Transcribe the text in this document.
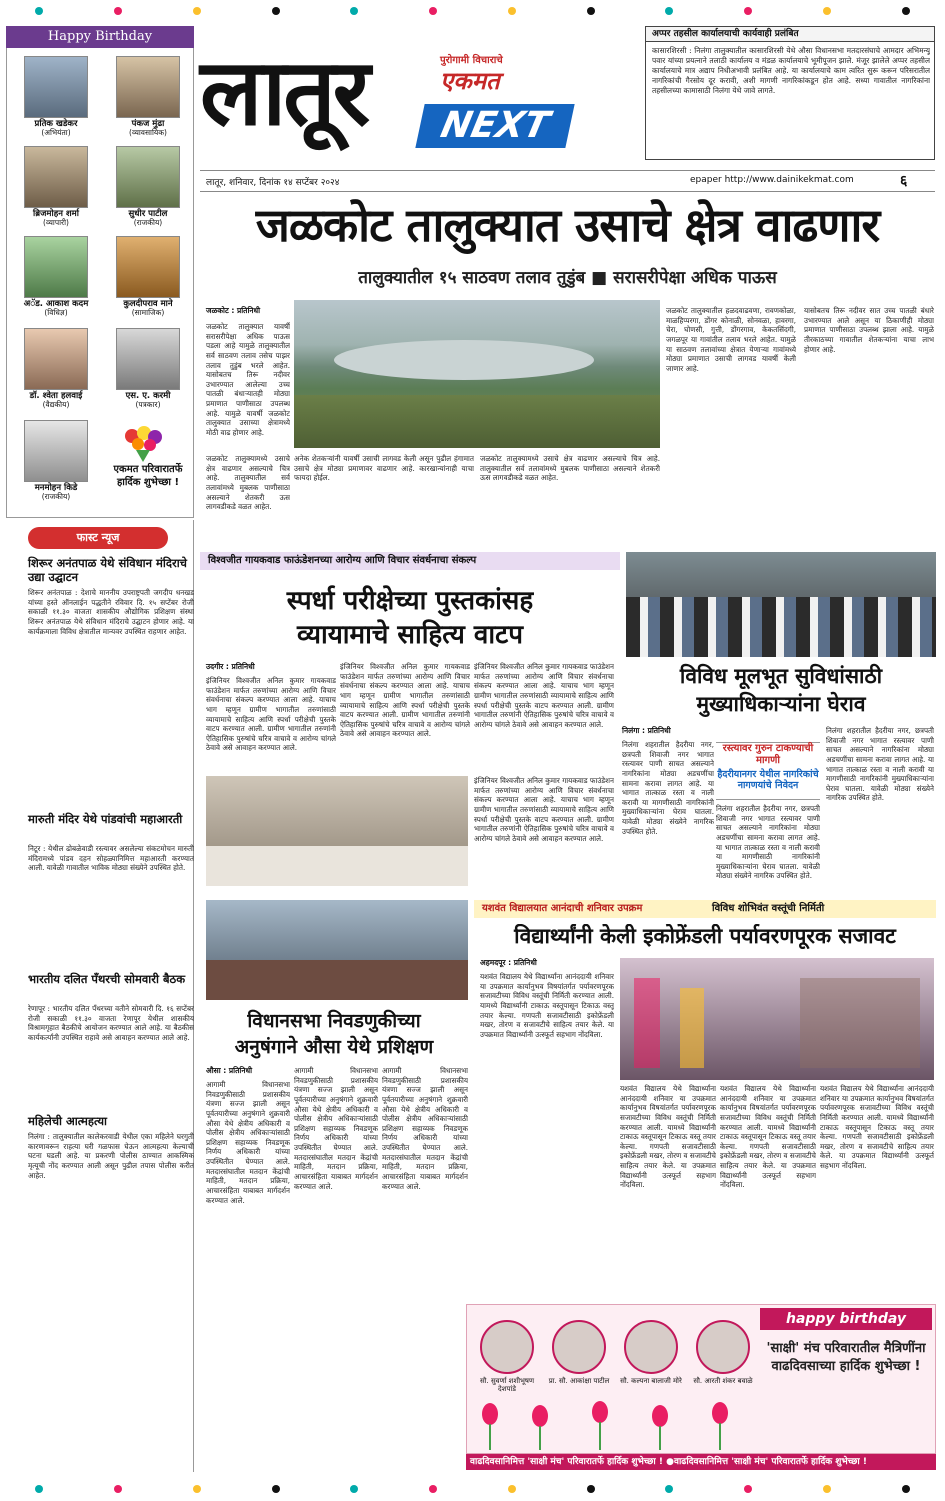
Happy Birthday
प्रतिक खडेकर
(अभियंता)
पंकज मुंढा
(व्यावसायिक)
ब्रिजमोहन शर्मा
(व्यापारी)
सुधीर पाटील
(राजकीय)
अॅड. आकाश कदम
(विधिज्ञ)
कुलदीपराव माने
(सामाजिक)
डॉ. श्वेता हलवाई
(वैद्यकीय)
एस. ए. करमी
(पत्रकार)
मनमोहन किडे
(राजकीय)
एकमत परिवारातर्फे हार्दिक शुभेच्छा !
लातूर	पुरोगामी विचाराचे
एकमत
NEXT
अप्पर तहसील कार्यालयाची कार्यवाही प्रलंबित
कासारशिरसी : निलंगा तालुक्यातील कासारशिरसी येथे औसा विधानसभा मतदारसंघाचे आमदार अभिमन्यू पवार यांच्या प्रयत्नाने तलाठी कार्यालय व मंडळ कार्यालयाचे भूमीपूजन झाले. मंजूर झालेले अप्पर तहसील कार्यालयाचे मात्र अद्याप निधीअभावी प्रलंबित आहे. या कार्यालयाचे काम त्वरित सुरू करून परिसरातील नागरिकांची गैरसोय दूर करावी, अशी मागणी नागरिकांकडून होत आहे. सध्या गावातील नागरिकांना तहसीलच्या कामासाठी निलंगा येथे जावे लागते.
लातूर, शनिवार, दिनांक १४ सप्टेंबर २०२४	epaper http://www.dainikekmat.com	६
जळकोट तालुक्यात उसाचे क्षेत्र वाढणार
तालुक्यातील १५ साठवण तलाव तुडुंब ■ सरासरीपेक्षा अधिक पाऊस
जळकोट : प्रतिनिधी
जळकोट तालुक्यात यावर्षी सरासरीपेक्षा अधिक पाऊस पडला आहे यामुळे तालुक्यातील सर्व साठवण तलाव तसेच पाझर तलाव तुडुंब भरले आहेत. यासोबतच तिरू नदीवर उभारण्यात आलेल्या उच्च पातळी बंधाऱ्यातही मोठ्या प्रमाणात पाणीसाठा उपलब्ध आहे. यामुळे यावर्षी जळकोट तालुक्यात उसाच्या क्षेत्रामध्ये मोठी वाढ होणार आहे.
जळकोट तालुक्यामध्ये उसाचे क्षेत्र वाढणार असल्याचे चित्र आहे. तालुक्यातील सर्व तलावांमध्ये मुबलक पाणीसाठा असल्याने शेतकरी ऊस लागवडीकडे वळत आहेत.
अनेक शेतकऱ्यांनी यावर्षी उसाची लागवड केली असून पुढील हंगामात उसाचे क्षेत्र मोठ्या प्रमाणावर वाढणार आहे. कारखान्यांनाही याचा फायदा होईल.
जळकोट तालुक्यामध्ये उसाचे क्षेत्र वाढणार असल्याचे चित्र आहे. तालुक्यातील सर्व तलावांमध्ये मुबलक पाणीसाठा असल्याने शेतकरी ऊस लागवडीकडे वळत आहेत.
जळकोट तालुक्यातील हळदवाढवणा, रावणकोळा, माळहिप्परगा, डोंगर कोनाळी, सोनवळा, हावरगा, चेरा, घोणसी, गुत्ती, डोंगरगाव, केकतसिंदगी, जगळपूर या गावांतील तलाव भरले आहेत. यामुळे या साठवण तलावांच्या क्षेत्रात येणाऱ्या गावांमध्ये मोठ्या प्रमाणात उसाची लागवड यावर्षी केली जाणार आहे.
यासोबतच तिरू नदीवर सात उच्च पातळी बंधारे उभारण्यात आले असून या ठिकाणीही मोठ्या प्रमाणात पाणीसाठा उपलब्ध झाला आहे. यामुळे तीरकाठच्या गावातील शेतकऱ्यांना याचा लाभ होणार आहे.
फास्ट न्यूज
शिरूर अनंतपाळ येथे संविधान मंदिराचे उद्या उद्घाटन
शिरूर अनंतपाळ : देशाचे माननीय उपराष्ट्रपती जगदीप धनखड यांच्या हस्ते ऑनलाईन पद्धतीने रविवार दि. १५ सप्टेंबर रोजी सकाळी ११.३० वाजता शासकीय औद्योगिक प्रशिक्षण संस्था शिरूर अनंतपाळ येथे संविधान मंदिराचे उद्घाटन होणार आहे. या कार्यक्रमाला विविध क्षेत्रातील मान्यवर उपस्थित राहणार आहेत.
मारुती मंदिर येथे पांडवांची महाआरती
निटूर : येथील ढोबळेवाडी रस्त्यावर असलेल्या संकटमोचन मारुती मंदिरामध्ये पांडव दहन सोहळ्यानिमित्त महाआरती करण्यात आली. यावेळी गावातील भाविक मोठ्या संख्येने उपस्थित होते.
भारतीय दलित पँथरची सोमवारी बैठक
रेणापूर : भारतीय दलित पँथरच्या वतीने सोमवारी दि. १६ सप्टेंबर रोजी सकाळी ११.३० वाजता रेणापूर येथील शासकीय विश्रामगृहात बैठकीचे आयोजन करण्यात आले आहे. या बैठकीस कार्यकर्त्यांनी उपस्थित राहावे असे आवाहन करण्यात आले आहे.
महिलेची आत्महत्या
निलंगा : तालुक्यातील कालेकरवाडी येथील एका महिलेने घरगुती कारणावरून राहत्या घरी गळफास घेऊन आत्महत्या केल्याची घटना घडली आहे. या प्रकरणी पोलीस ठाण्यात आकस्मिक मृत्यूची नोंद करण्यात आली असून पुढील तपास पोलीस करीत आहेत.
विश्वजीत गायकवाड फाऊंडेशनच्या आरोग्य आणि विचार संवर्धनाचा संकल्प
स्पर्धा परीक्षेच्या पुस्तकांसह
व्यायामाचे साहित्य वाटप
उदगीर : प्रतिनिधी
इंजिनियर विश्वजीत अनिल कुमार गायकवाड फाउंडेशन मार्फत तरुणांच्या आरोग्य आणि विचार संवर्धनाचा संकल्प करण्यात आला आहे. याचाच भाग म्हणून ग्रामीण भागातील तरुणांसाठी व्यायामाचे साहित्य आणि स्पर्धा परीक्षेची पुस्तके वाटप करण्यात आली. ग्रामीण भागातील तरुणांनी ऐतिहासिक पुरुषांचे चरित्र वाचावे व आरोग्य चांगले ठेवावे असे आवाहन करण्यात आले.
इंजिनियर विश्वजीत अनिल कुमार गायकवाड फाउंडेशन मार्फत तरुणांच्या आरोग्य आणि विचार संवर्धनाचा संकल्प करण्यात आला आहे. याचाच भाग म्हणून ग्रामीण भागातील तरुणांसाठी व्यायामाचे साहित्य आणि स्पर्धा परीक्षेची पुस्तके वाटप करण्यात आली. ग्रामीण भागातील तरुणांनी ऐतिहासिक पुरुषांचे चरित्र वाचावे व आरोग्य चांगले ठेवावे असे आवाहन करण्यात आले.
इंजिनियर विश्वजीत अनिल कुमार गायकवाड फाउंडेशन मार्फत तरुणांच्या आरोग्य आणि विचार संवर्धनाचा संकल्प करण्यात आला आहे. याचाच भाग म्हणून ग्रामीण भागातील तरुणांसाठी व्यायामाचे साहित्य आणि स्पर्धा परीक्षेची पुस्तके वाटप करण्यात आली. ग्रामीण भागातील तरुणांनी ऐतिहासिक पुरुषांचे चरित्र वाचावे व आरोग्य चांगले ठेवावे असे आवाहन करण्यात आले.
इंजिनियर विश्वजीत अनिल कुमार गायकवाड फाउंडेशन मार्फत तरुणांच्या आरोग्य आणि विचार संवर्धनाचा संकल्प करण्यात आला आहे. याचाच भाग म्हणून ग्रामीण भागातील तरुणांसाठी व्यायामाचे साहित्य आणि स्पर्धा परीक्षेची पुस्तके वाटप करण्यात आली. ग्रामीण भागातील तरुणांनी ऐतिहासिक पुरुषांचे चरित्र वाचावे व आरोग्य चांगले ठेवावे असे आवाहन करण्यात आले.
विविध मूलभूत सुविधांसाठी
मुख्याधिकाऱ्यांना घेराव
निलंगा : प्रतिनिधी
निलंगा शहरातील हैदरीया नगर, छत्रपती शिवाजी नगर भागात रस्त्यावर पाणी साचत असल्याने नागरिकांना मोठ्या अडचणींचा सामना करावा लागत आहे. या भागात तात्काळ रस्ता व नाली करावी या मागणीसाठी नागरिकांनी मुख्याधिकाऱ्यांना घेराव घातला. यावेळी मोठ्या संख्येने नागरिक उपस्थित होते.
रस्त्यावर गुरुन टाकण्याची मागणी
हैदरीयानगर येथील नागरिकांचे नागणयांचे निवेदन
निलंगा शहरातील हैदरीया नगर, छत्रपती शिवाजी नगर भागात रस्त्यावर पाणी साचत असल्याने नागरिकांना मोठ्या अडचणींचा सामना करावा लागत आहे. या भागात तात्काळ रस्ता व नाली करावी या मागणीसाठी नागरिकांनी मुख्याधिकाऱ्यांना घेराव घातला. यावेळी मोठ्या संख्येने नागरिक उपस्थित होते.
निलंगा शहरातील हैदरीया नगर, छत्रपती शिवाजी नगर भागात रस्त्यावर पाणी साचत असल्याने नागरिकांना मोठ्या अडचणींचा सामना करावा लागत आहे. या भागात तात्काळ रस्ता व नाली करावी या मागणीसाठी नागरिकांनी मुख्याधिकाऱ्यांना घेराव घातला. यावेळी मोठ्या संख्येने नागरिक उपस्थित होते.
यशवंत विद्यालयात आनंदाची शनिवार उपक्रम	विविध शोभिवंत वस्तूंची निर्मिती
विद्यार्थ्यांनी केली इकोफ्रेंडली पर्यावरणपूरक सजावट
अहमदपूर : प्रतिनिधी
यशवंत विद्यालय येथे विद्यार्थ्यांना आनंददायी शनिवार या उपक्रमात कार्यानुभव विषयांतर्गत पर्यावरणपूरक सजावटीच्या विविध वस्तूंची निर्मिती करण्यात आली. यामध्ये विद्यार्थ्यांनी टाकाऊ वस्तूपासून टिकाऊ वस्तू तयार केल्या. गणपती सजावटीसाठी इकोफ्रेंडली मखर, तोरण व सजावटीचे साहित्य तयार केले. या उपक्रमात विद्यार्थ्यांनी उत्स्फूर्त सहभाग नोंदविला.
यशवंत विद्यालय येथे विद्यार्थ्यांना आनंददायी शनिवार या उपक्रमात कार्यानुभव विषयांतर्गत पर्यावरणपूरक सजावटीच्या विविध वस्तूंची निर्मिती करण्यात आली. यामध्ये विद्यार्थ्यांनी टाकाऊ वस्तूपासून टिकाऊ वस्तू तयार केल्या. गणपती सजावटीसाठी इकोफ्रेंडली मखर, तोरण व सजावटीचे साहित्य तयार केले. या उपक्रमात विद्यार्थ्यांनी उत्स्फूर्त सहभाग नोंदविला.
यशवंत विद्यालय येथे विद्यार्थ्यांना आनंददायी शनिवार या उपक्रमात कार्यानुभव विषयांतर्गत पर्यावरणपूरक सजावटीच्या विविध वस्तूंची निर्मिती करण्यात आली. यामध्ये विद्यार्थ्यांनी टाकाऊ वस्तूपासून टिकाऊ वस्तू तयार केल्या. गणपती सजावटीसाठी इकोफ्रेंडली मखर, तोरण व सजावटीचे साहित्य तयार केले. या उपक्रमात विद्यार्थ्यांनी उत्स्फूर्त सहभाग नोंदविला.
यशवंत विद्यालय येथे विद्यार्थ्यांना आनंददायी शनिवार या उपक्रमात कार्यानुभव विषयांतर्गत पर्यावरणपूरक सजावटीच्या विविध वस्तूंची निर्मिती करण्यात आली. यामध्ये विद्यार्थ्यांनी टाकाऊ वस्तूपासून टिकाऊ वस्तू तयार केल्या. गणपती सजावटीसाठी इकोफ्रेंडली मखर, तोरण व सजावटीचे साहित्य तयार केले. या उपक्रमात विद्यार्थ्यांनी उत्स्फूर्त सहभाग नोंदविला.
विधानसभा निवडणुकीच्या
अनुषंगाने औसा येथे प्रशिक्षण
औसा : प्रतिनिधी
आगामी विधानसभा निवडणुकीसाठी प्रशासकीय यंत्रणा सज्ज झाली असून पूर्वतयारीच्या अनुषंगाने शुक्रवारी औसा येथे क्षेत्रीय अधिकारी व पोलीस क्षेत्रीय अधिकाऱ्यांसाठी प्रशिक्षण सहाय्यक निवडणूक निर्णय अधिकारी यांच्या उपस्थितीत घेण्यात आले. मतदारसंघातील मतदान केंद्रांची माहिती, मतदान प्रक्रिया, आचारसंहिता याबाबत मार्गदर्शन करण्यात आले.
आगामी विधानसभा निवडणुकीसाठी प्रशासकीय यंत्रणा सज्ज झाली असून पूर्वतयारीच्या अनुषंगाने शुक्रवारी औसा येथे क्षेत्रीय अधिकारी व पोलीस क्षेत्रीय अधिकाऱ्यांसाठी प्रशिक्षण सहाय्यक निवडणूक निर्णय अधिकारी यांच्या उपस्थितीत घेण्यात आले. मतदारसंघातील मतदान केंद्रांची माहिती, मतदान प्रक्रिया, आचारसंहिता याबाबत मार्गदर्शन करण्यात आले.
आगामी विधानसभा निवडणुकीसाठी प्रशासकीय यंत्रणा सज्ज झाली असून पूर्वतयारीच्या अनुषंगाने शुक्रवारी औसा येथे क्षेत्रीय अधिकारी व पोलीस क्षेत्रीय अधिकाऱ्यांसाठी प्रशिक्षण सहाय्यक निवडणूक निर्णय अधिकारी यांच्या उपस्थितीत घेण्यात आले. मतदारसंघातील मतदान केंद्रांची माहिती, मतदान प्रक्रिया, आचारसंहिता याबाबत मार्गदर्शन करण्यात आले.
happy birthday
'साक्षी' मंच परिवारातील मैत्रिणींना वाढदिवसाच्या हार्दिक शुभेच्छा !
सौ. सुवर्णा शशीभूषण देशपांडे
प्रा. सौ. आकांक्षा पाटील	सौ. कल्पना बालाजी मोरे	सौ. आरती शंकर बवाळे
वाढदिवसानिमित्त 'साक्षी मंच' परिवारातर्फे हार्दिक शुभेच्छा ! ●वाढदिवसानिमित्त 'साक्षी मंच' परिवारातर्फे हार्दिक शुभेच्छा !
